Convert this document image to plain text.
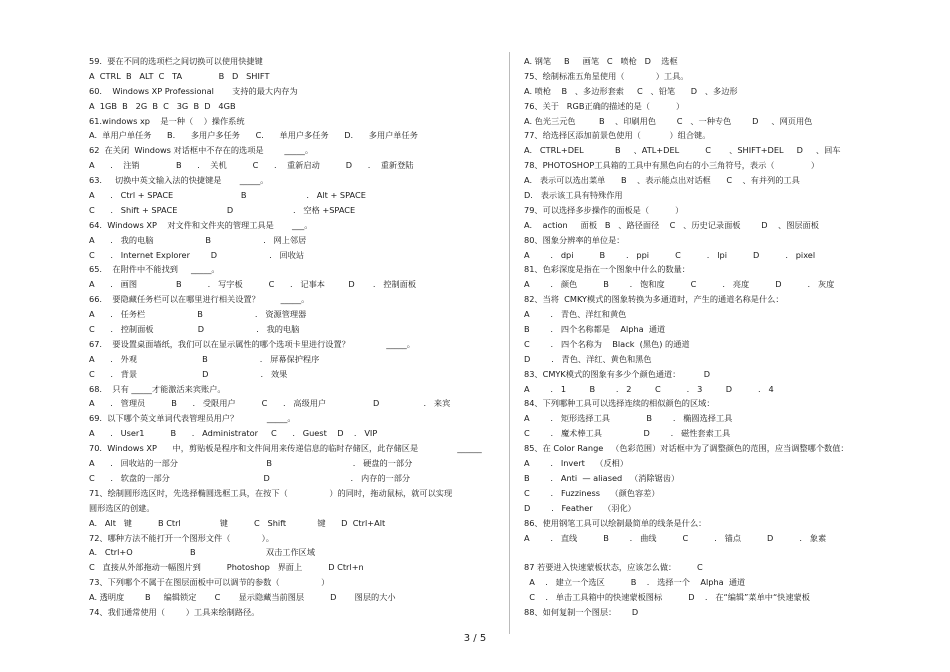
59.  要在不同的选项栏之间切换可以使用快捷键
A  CTRL  B   ALT  C   TA              B   D   SHIFT
60.    Windows XP Professional       支持的最大内存为
A  1GB  B   2G  B  C   3G  B  D   4GB
61.windows xp    是一种（    ）操作系统
A.  单用户单任务      B.      多用户多任务      C.      单用户多任务      D.      多用户单任务
62  在关闭  Windows 对话框中不存在的选项是        _____。
A      .    注销              B      .    关机          C      .    重新启动          D      .    重新登陆
63.     切换中英文输入法的快捷键是       _____。
A      .   Ctrl + SPACE                          B                       .   Alt + SPACE
C      .   Shift + SPACE                   D                       .   空格 +SPACE
64.  Windows XP    对文件和文件夹的管理工具是       ___。
A      .   我的电脑                    B                    .   网上邻居
C      .   Internet Explorer        D                    .   回收站
65.    在附件中不能找到     _____。
A      .   画图               B          .   写字板          C      .   记事本         D       .   控制面板
66.    要隐藏任务栏可以在哪里进行相关设置？        _____。
A      .   任务栏                    B                    .   资源管理器
C      .   控制面板                 D                    .   我的电脑
67.    要设置桌面墙纸，我们可以在显示属性的哪个选项卡里进行设置？              _____。
A      .   外观                         B                    .   屏幕保护程序
C      .   背景                         D                    .   效果
68.    只有 _____才能激活来宾账户。
A      .   管理员          B      .   受限用户          C      .   高级用户                  D                 .   来宾
69.  以下哪个英文单词代表管理员用户？           _____。
A      .   User1          B      .   Administrator     C      .   Guest    D    .   VIP
70.  Windows XP      中，剪贴板是程序和文件间用来传递信息的临时存储区，此存储区是               ______
A      .   回收站的一部分                                  B                               .   硬盘的一部分
C      .   软盘的一部分                                    D                               .   内存的一部分
71、绘制圆形选区时，先选择椭圆选框工具，在按下（                ）的同时，拖动鼠标，就可以实现
圆形选区的创建。
A.   Alt   键          B Ctrl               键          C   Shift            键      D  Ctrl+Alt
72、哪种方法不能打开一个图形文件（            ）。
A.   Ctrl+O                      B                           双击工作区域
C   直接从外部拖动一幅图片到          Photoshop   界面上          D Ctrl+n
73、下列哪个不属于在图层面板中可以调节的参数（                ）
A. 透明度        B     编辑锁定       C       显示隐藏当前图层          D       图层的大小
74、我们通常使用（        ）工具来绘制路径。
A. 钢笔     B     画笔   C   喷枪   D    选框
75、绘制标准五角星使用（            ）工具。
A. 喷枪    B   、多边形套索     C   、铅笔      D   、多边形
76、关于   RGB正确的描述的是（          ）
A. 色光三元色         B    、印刷用色        C   、一种专色        D     、网页用色
77、给选择区添加前景色使用（           ）组合键。
A.   CTRL+DEL            B     、ATL+DEL          C       、SHIFT+DEL     D     、回车
78、PHOTOSHOP工具箱的工具中有黑色向右的小三角符号，表示（              ）
A.   表示可以选出菜单      B    、表示能点出对话框      C    、有并列的工具
D.   表示该工具有特殊作用
79、可以选择多步操作的面板是（          ）
A.    action     面板   B   、路径面径    C   、历史记录面板        D    、图层面板
80、图象分辨率的单位是：
A        .   dpi          B        .   ppi          C          .   lpi          D          .   pixel
81、色彩深度是指在一个图象中什么的数量：
A        .   颜色          B        .   饱和度          C          .   亮度          D          .   灰度
82、当将  CMKY模式的图象转换为多通道时，产生的通道名称是什么：
A        .   青色、洋红和黄色
B        .   四个名称都是    Alpha  通道
C        .   四个名称为    Black  (黑色) 的通道
D        .   青色、洋红、黄色和黑色
83、CMYK模式的图象有多少个颜色通道：         D
A        .   1         B        .   2         C          .   3         D          .   4
84、下列哪种工具可以选择连续的相似颜色的区域：
A        .   矩形选择工具              B        .   椭圆选择工具
C        .   魔术棒工具                D        .   磁性套索工具
85、在 Color Range   （色彩范围）对话框中为了调整颜色的范围，应当调整哪个数值：
A        .   Invert    （反相）
B        .   Anti  — aliased   （消除锯齿）
C        .   Fuzziness    （颜色容差）
D        .   Feather    （羽化）
86、使用钢笔工具可以绘制最简单的线条是什么：
A        .   直线          B        .   曲线          C          .   锚点          D          .   象素
87 若要进入快速蒙板状态，应该怎么做：        C
A    .   建立一个选区          B    .   选择一个    Alpha  通道
C    .   单击工具箱中的快速蒙板图标          D    .   在“编辑”菜单中“快速蒙板
88、如何复制一个图层：      D
3 / 5
